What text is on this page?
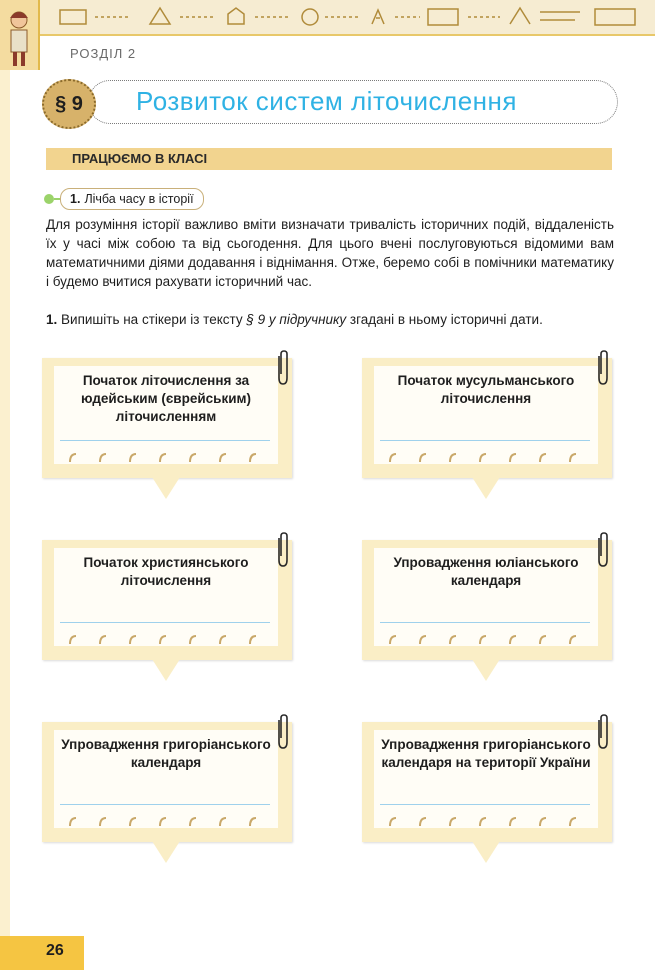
РОЗДІЛ 2
§ 9	Розвиток систем літочислення
ПРАЦЮЄМО В КЛАСІ
1. Лічба часу в історії
Для розуміння історії важливо вміти визначати тривалість історичних подій, віддаленість їх у часі між собою та від сьогодення. Для цього вчені послуговуються відомими вам математичними діями додавання і віднімання. Отже, беремо собі в помічники математику і будемо вчитися рахувати історичний час.
1. Випишіть на стікери із тексту § 9 у підручнику згадані в ньому історичні дати.
Початок літочислення за юдейським (єврейським) літочисленням
Початок мусульманського літочислення
Початок християнського літочислення
Упровадження юліанського календаря
Упровадження григоріанського календаря
Упровадження григоріанського календаря на території України
26
